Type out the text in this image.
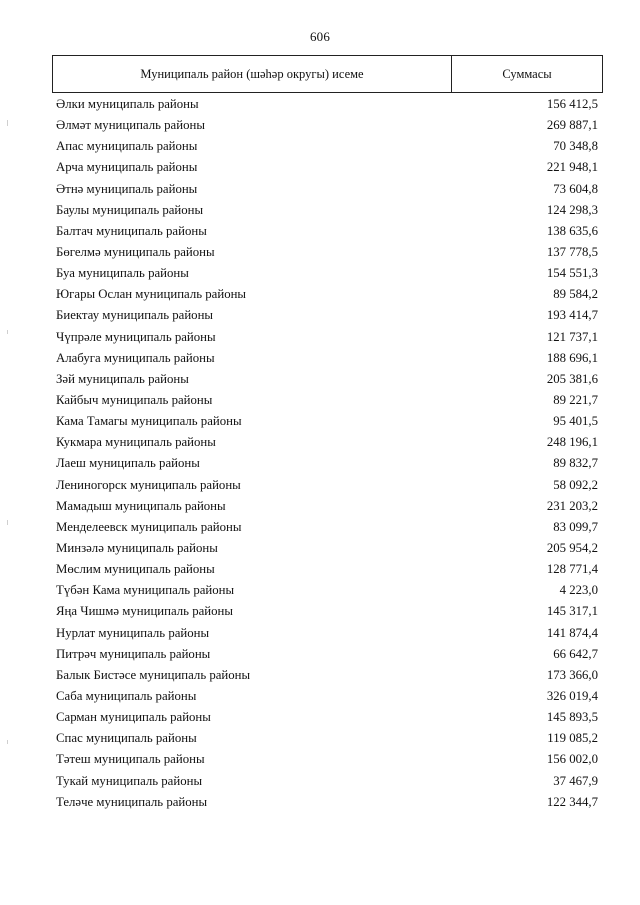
606
Муниципаль район (шәһәр округы) исеме	Суммасы
Әлки муниципаль районы	156 412,5
Әлмәт муниципаль районы	269 887,1
Апас муниципаль районы	70 348,8
Арча муниципаль районы	221 948,1
Әтнә муниципаль районы	73 604,8
Баулы муниципаль районы	124 298,3
Балтач муниципаль районы	138 635,6
Бөгелмә муниципаль районы	137 778,5
Буа муниципаль районы	154 551,3
Югары Ослан муниципаль районы	89 584,2
Биектау муниципаль районы	193 414,7
Чүпрәле муниципаль районы	121 737,1
Алабуга муниципаль районы	188 696,1
Зәй муниципаль районы	205 381,6
Кайбыч муниципаль районы	89 221,7
Кама Тамагы муниципаль районы	95 401,5
Кукмара муниципаль районы	248 196,1
Лаеш муниципаль районы	89 832,7
Лениногорск муниципаль районы	58 092,2
Мамадыш муниципаль районы	231 203,2
Менделеевск муниципаль районы	83 099,7
Минзәлә муниципаль районы	205 954,2
Мөслим муниципаль районы	128 771,4
Түбән Кама муниципаль районы	4 223,0
Яңа Чишмә муниципаль районы	145 317,1
Нурлат муниципаль районы	141 874,4
Питрәч муниципаль районы	66 642,7
Балык Бистәсе муниципаль районы	173 366,0
Саба муниципаль районы	326 019,4
Сарман муниципаль районы	145 893,5
Спас муниципаль районы	119 085,2
Тәтеш муниципаль районы	156 002,0
Тукай муниципаль районы	37 467,9
Теләче муниципаль районы	122 344,7
